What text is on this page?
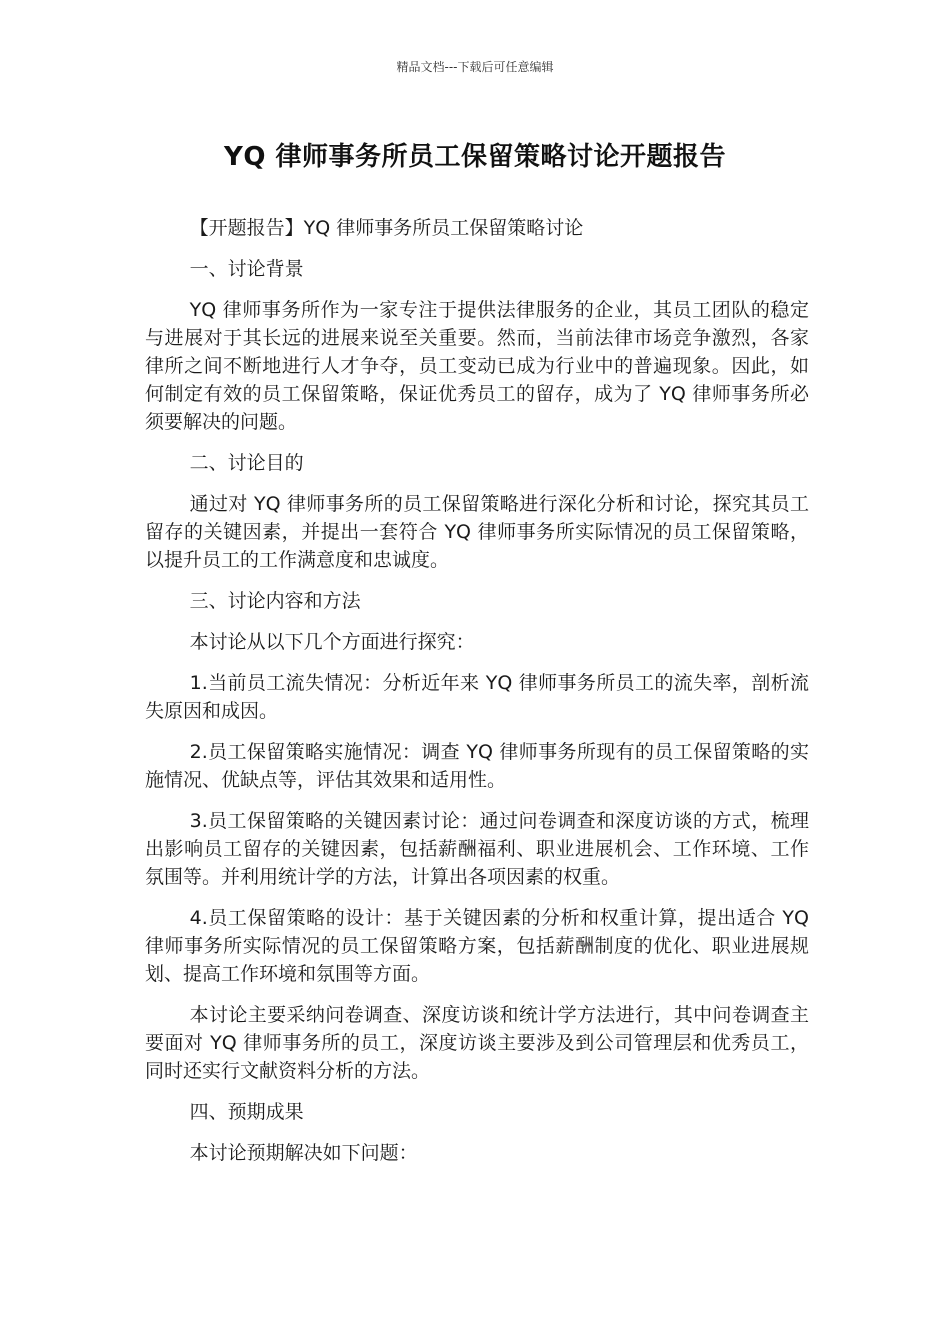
精品文档---下载后可任意编辑
YQ 律师事务所员工保留策略讨论开题报告

【开题报告】YQ 律师事务所员工保留策略讨论

一、讨论背景

YQ 律师事务所作为一家专注于提供法律服务的企业，其员工团队的稳定与进展对于其长远的进展来说至关重要。然而，当前法律市场竞争激烈，各家律所之间不断地进行人才争夺，员工变动已成为行业中的普遍现象。因此，如何制定有效的员工保留策略，保证优秀员工的留存，成为了 YQ 律师事务所必须要解决的问题。

二、讨论目的

通过对 YQ 律师事务所的员工保留策略进行深化分析和讨论，探究其员工留存的关键因素，并提出一套符合 YQ 律师事务所实际情况的员工保留策略，以提升员工的工作满意度和忠诚度。

三、讨论内容和方法

本讨论从以下几个方面进行探究：

1.当前员工流失情况：分析近年来 YQ 律师事务所员工的流失率，剖析流失原因和成因。

2.员工保留策略实施情况：调查 YQ 律师事务所现有的员工保留策略的实施情况、优缺点等，评估其效果和适用性。

3.员工保留策略的关键因素讨论：通过问卷调查和深度访谈的方式，梳理出影响员工留存的关键因素，包括薪酬福利、职业进展机会、工作环境、工作氛围等。并利用统计学的方法，计算出各项因素的权重。

4.员工保留策略的设计：基于关键因素的分析和权重计算，提出适合 YQ 律师事务所实际情况的员工保留策略方案，包括薪酬制度的优化、职业进展规划、提高工作环境和氛围等方面。

本讨论主要采纳问卷调查、深度访谈和统计学方法进行，其中问卷调查主要面对 YQ 律师事务所的员工，深度访谈主要涉及到公司管理层和优秀员工，同时还实行文献资料分析的方法。

四、预期成果

本讨论预期解决如下问题：
